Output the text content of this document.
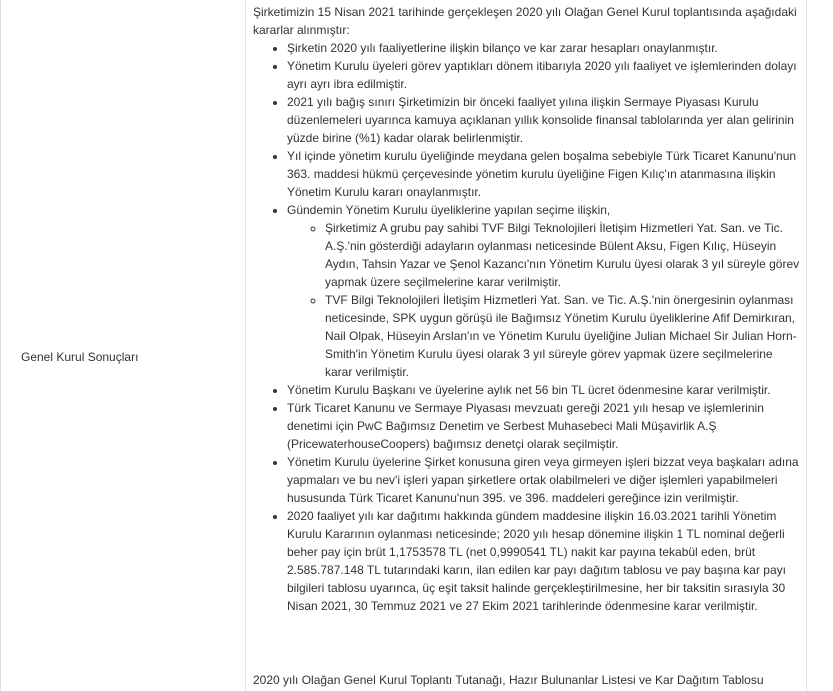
Genel Kurul Sonuçları

Şirketimizin 15 Nisan 2021 tarihinde gerçekleşen 2020 yılı Olağan Genel Kurul toplantısında aşağıdaki kararlar alınmıştır:

• Şirketin 2020 yılı faaliyetlerine ilişkin bilanço ve kar zarar hesapları onaylanmıştır.
• Yönetim Kurulu üyeleri görev yaptıkları dönem itibarıyla 2020 yılı faaliyet ve işlemlerinden dolayı ayrı ayrı ibra edilmiştir.
• 2021 yılı bağış sınırı Şirketimizin bir önceki faaliyet yılına ilişkin Sermaye Piyasası Kurulu düzenlemeleri uyarınca kamuya açıklanan yıllık konsolide finansal tablolarında yer alan gelirinin yüzde birine (%1) kadar olarak belirlenmiştir.
• Yıl içinde yönetim kurulu üyeliğinde meydana gelen boşalma sebebiyle Türk Ticaret Kanunu'nun 363. maddesi hükmü çerçevesinde yönetim kurulu üyeliğine Figen Kılıç'ın atanmasına ilişkin Yönetim Kurulu kararı onaylanmıştır.
• Gündemin Yönetim Kurulu üyeliklerine yapılan seçime ilişkin,
◦ Şirketimiz A grubu pay sahibi TVF Bilgi Teknolojileri İletişim Hizmetleri Yat. San. ve Tic. A.Ş.'nin gösterdiği adayların oylanması neticesinde Bülent Aksu, Figen Kılıç, Hüseyin Aydın, Tahsin Yazar ve Şenol Kazancı'nın Yönetim Kurulu üyesi olarak 3 yıl süreyle görev yapmak üzere seçilmelerine karar verilmiştir.
◦ TVF Bilgi Teknolojileri İletişim Hizmetleri Yat. San. ve Tic. A.Ş.'nin önergesinin oylanması neticesinde, SPK uygun görüşü ile Bağımsız Yönetim Kurulu üyeliklerine Afif Demirkıran, Nail Olpak, Hüseyin Arslan'ın ve Yönetim Kurulu üyeliğine Julian Michael Sir Julian Horn-Smith'in Yönetim Kurulu üyesi olarak 3 yıl süreyle görev yapmak üzere seçilmelerine karar verilmiştir.
• Yönetim Kurulu Başkanı ve üyelerine aylık net 56 bin TL ücret ödenmesine karar verilmiştir.
• Türk Ticaret Kanunu ve Sermaye Piyasası mevzuatı gereği 2021 yılı hesap ve işlemlerinin denetimi için PwC Bağımsız Denetim ve Serbest Muhasebeci Mali Müşavirlik A.Ş (PricewaterhouseCoopers) bağımsız denetçi olarak seçilmiştir.
• Yönetim Kurulu üyelerine Şirket konusuna giren veya girmeyen işleri bizzat veya başkaları adına yapmaları ve bu nev'i işleri yapan şirketlere ortak olabilmeleri ve diğer işlemleri yapabilmeleri hususunda Türk Ticaret Kanunu'nun 395. ve 396. maddeleri gereğince izin verilmiştir.
• 2020 faaliyet yılı kar dağıtımı hakkında gündem maddesine ilişkin 16.03.2021 tarihli Yönetim Kurulu Kararının oylanması neticesinde; 2020 yılı hesap dönemine ilişkin 1 TL nominal değerli beher pay için brüt 1,1753578 TL (net 0,9990541 TL) nakit kar payına tekabül eden, brüt 2.585.787.148 TL tutarındaki karın, ilan edilen kar payı dağıtım tablosu ve pay başına kar payı bilgileri tablosu uyarınca, üç eşit taksit halinde gerçekleştirilmesine, her bir taksitin sırasıyla 30 Nisan 2021, 30 Temmuz 2021 ve 27 Ekim 2021 tarihlerinde ödenmesine karar verilmiştir.
2020 yılı Olağan Genel Kurul Toplantı Tutanağı, Hazır Bulunanlar Listesi ve Kar Dağıtım Tablosu
